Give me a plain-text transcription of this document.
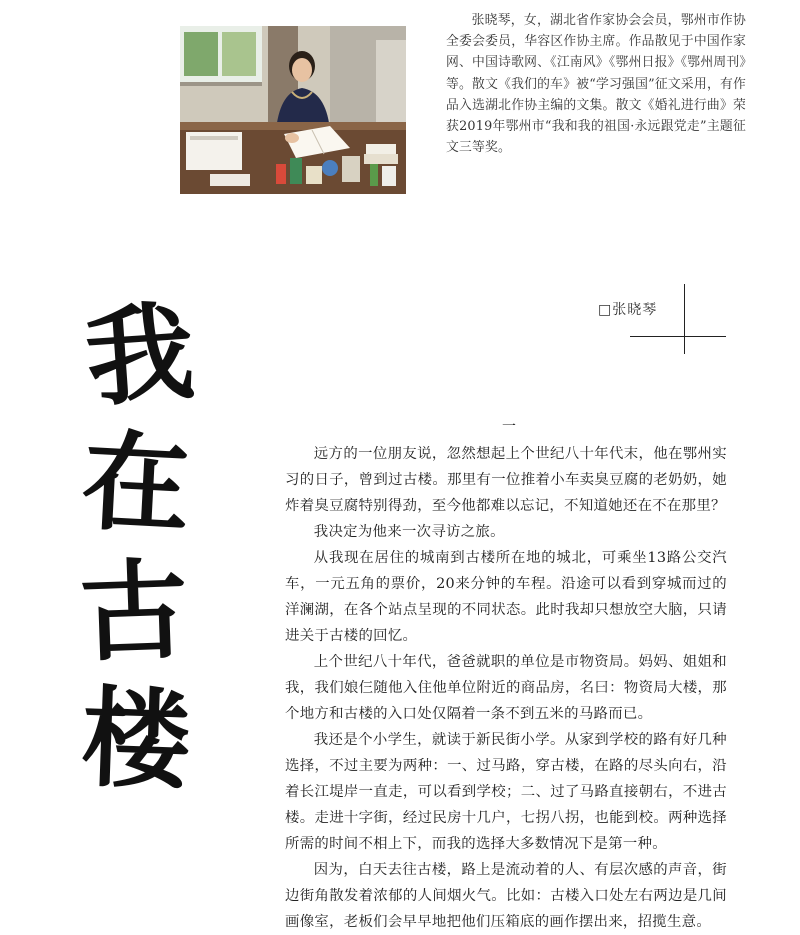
张晓琴，女，湖北省作家协会会员，鄂州市作协全委会委员，华容区作协主席。作品散见于中国作家网、中国诗歌网、《江南风》《鄂州日报》《鄂州周刊》等。散文《我们的车》被“学习强国”征文采用，有作品入选湖北作协主编的文集。散文《婚礼进行曲》荣获2019年鄂州市“我和我的祖国·永远跟党走”主题征文三等奖。

我
在
古
楼
□张晓琴
一

远方的一位朋友说，忽然想起上个世纪八十年代末，他在鄂州实习的日子，曾到过古楼。那里有一位推着小车卖臭豆腐的老奶奶，她炸着臭豆腐特别得劲，至今他都难以忘记，不知道她还在不在那里？

我决定为他来一次寻访之旅。

从我现在居住的城南到古楼所在地的城北，可乘坐13路公交汽车，一元五角的票价，20来分钟的车程。沿途可以看到穿城而过的洋澜湖，在各个站点呈现的不同状态。此时我却只想放空大脑，只请进关于古楼的回忆。

上个世纪八十年代，爸爸就职的单位是市物资局。妈妈、姐姐和我，我们娘仨随他入住他单位附近的商品房，名曰：物资局大楼，那个地方和古楼的入口处仅隔着一条不到五米的马路而已。

我还是个小学生，就读于新民街小学。从家到学校的路有好几种选择，不过主要为两种：一、过马路，穿古楼，在路的尽头向右，沿着长江堤岸一直走，可以看到学校；二、过了马路直接朝右，不进古楼。走进十字街，经过民房十几户，七拐八拐，也能到校。两种选择所需的时间不相上下，而我的选择大多数情况下是第一种。

因为，白天去往古楼，路上是流动着的人、有层次感的声音，街边街角散发着浓郁的人间烟火气。比如：古楼入口处左右两边是几间画像室，老板们会早早地把他们压箱底的画作摆出来，招揽生意。
